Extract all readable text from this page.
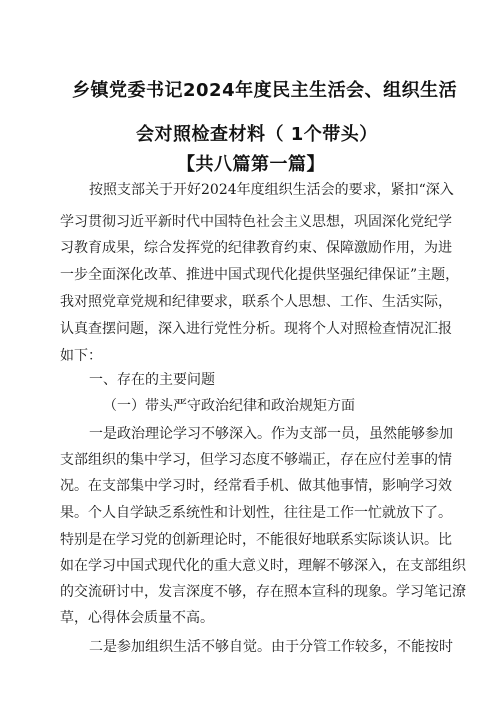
乡镇党委书记2024年度民主生活会、组织生活
会对照检查材料（ 1个带头）
【共八篇第一篇】
按照支部关于开好2024年度组织生活会的要求，紧扣“深入
学习贯彻习近平新时代中国特色社会主义思想，巩固深化党纪学
习教育成果，综合发挥党的纪律教育约束、保障激励作用，为进
一步全面深化改革、推进中国式现代化提供坚强纪律保证”主题，
我对照党章党规和纪律要求，联系个人思想、工作、生活实际，
认真查摆问题，深入进行党性分析。现将个人对照检查情况汇报
如下：
一、存在的主要问题
（一）带头严守政治纪律和政治规矩方面
一是政治理论学习不够深入。作为支部一员，虽然能够参加
支部组织的集中学习，但学习态度不够端正，存在应付差事的情
况。在支部集中学习时，经常看手机、做其他事情，影响学习效
果。个人自学缺乏系统性和计划性，往往是工作一忙就放下了。
特别是在学习党的创新理论时，不能很好地联系实际谈认识。比
如在学习中国式现代化的重大意义时，理解不够深入，在支部组织
的交流研讨中，发言深度不够，存在照本宣科的现象。学习笔记潦
草，心得体会质量不高。
二是参加组织生活不够自觉。由于分管工作较多，不能按时
